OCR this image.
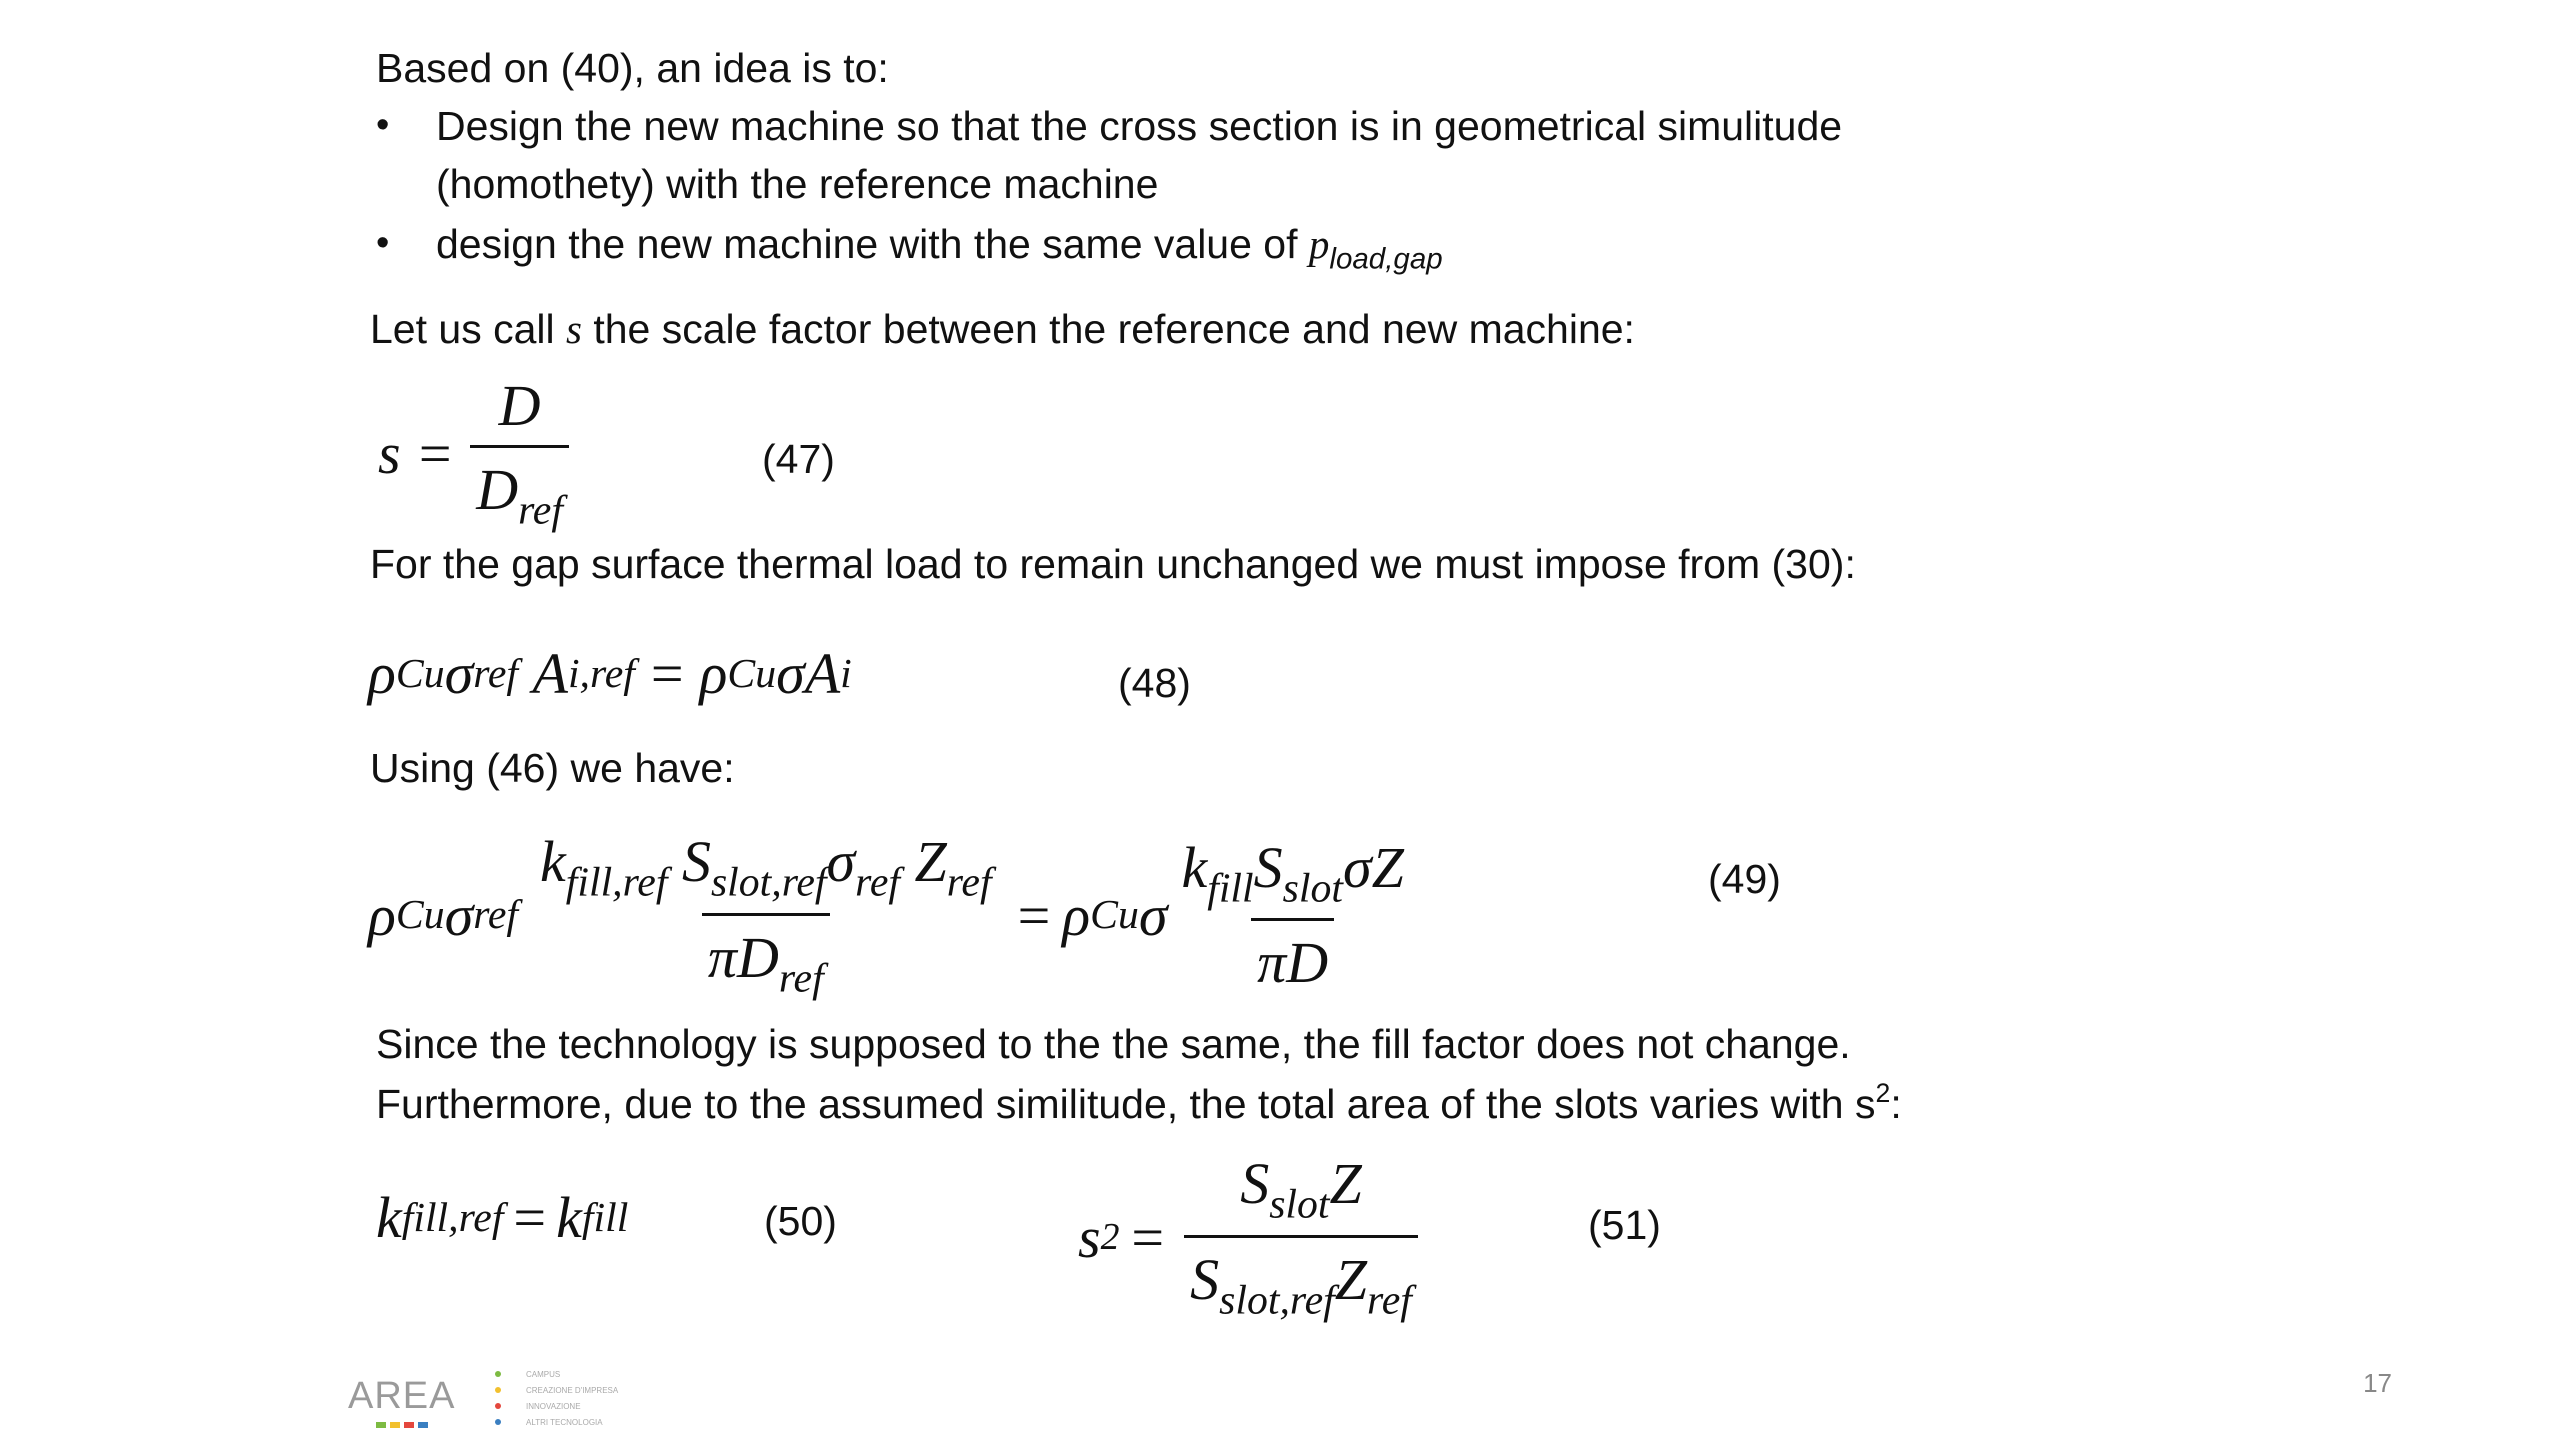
Based on (40), an idea is to:
• Design the new machine so that the cross section is in geometrical simulitude
(homothety) with the reference machine
• design the new machine with the same value of $p_{load,gap}$
Let us call s the scale factor between the reference and new machine:
$s = \frac{D}{D_{ref}}$	(47)
For the gap surface thermal load to remain unchanged we must impose from (30):
ρ Cu σ ref
A i,ref = ρ Cu σ A i	(48)
Using (46) we have:
ρ Cu σ ref $\frac{k_{fill,ref} S_{slot,ref}\sigma_{ref} Z_{ref}}{\pi D_{ref}} = \rho$ Cu σ $\frac{k_{fill}S_{slot}\sigma Z}{\pi D}$	(49)
Since the technology is supposed to the the same, the fill factor does not change.
Furthermore, due to the assumed similitude, the total area of the slots varies with $s^2$:
k fill,ref = k fill	(50)	s $2 = \frac{S_{slot}Z}{S_{slot,ref}Z_{ref}}$	(51)
AREA
CAMPUS
CREAZIONE D'IMPRESA
INNOVAZIONE
ALTRI TECNOLOGIA
17
